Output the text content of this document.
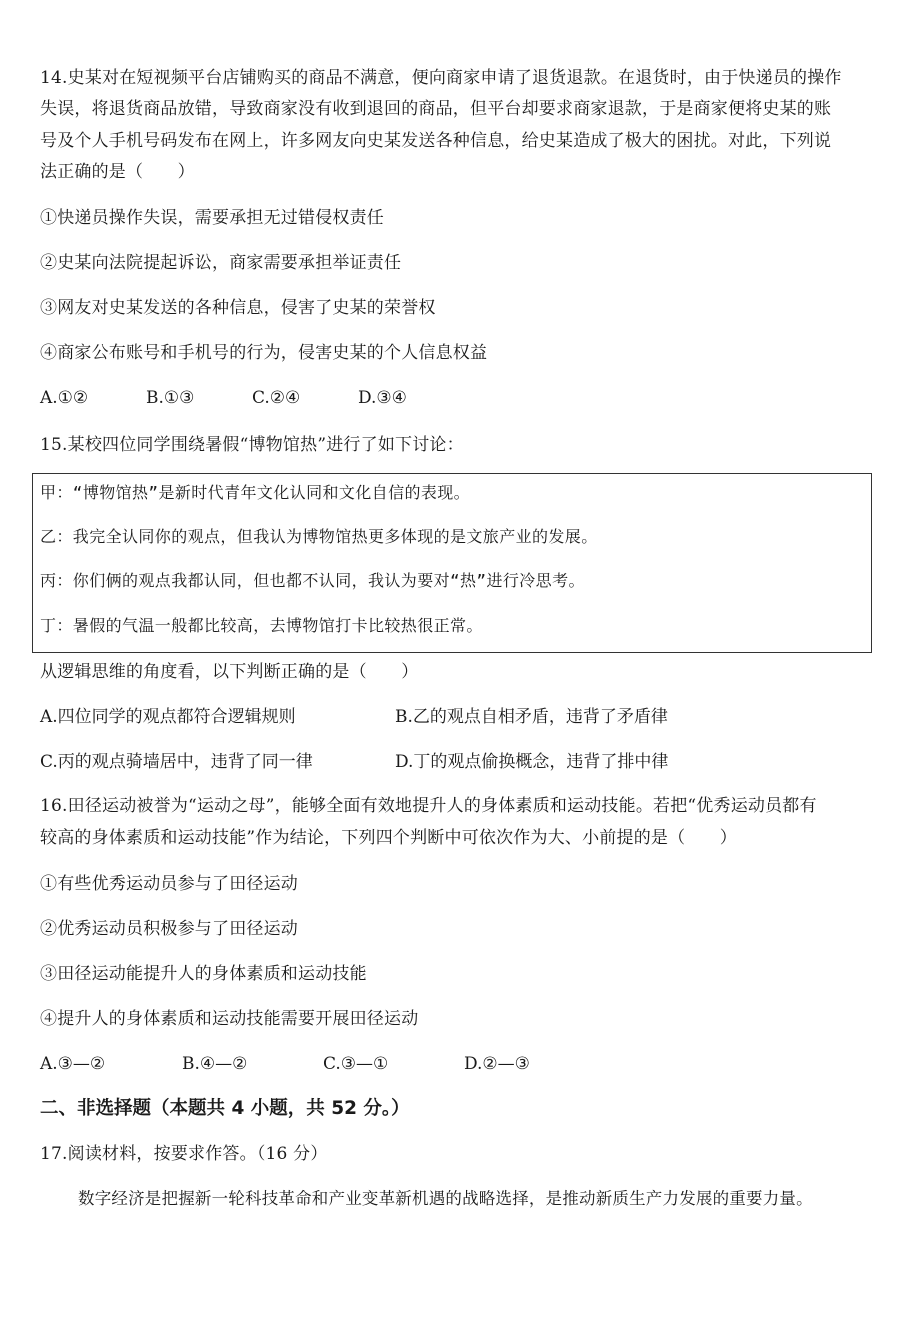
14.史某对在短视频平台店铺购买的商品不满意，便向商家申请了退货退款。在退货时，由于快递员的操作
失误，将退货商品放错，导致商家没有收到退回的商品，但平台却要求商家退款，于是商家便将史某的账
号及个人手机号码发布在网上，许多网友向史某发送各种信息，给史某造成了极大的困扰。对此，下列说
法正确的是（　　）
①快递员操作失误，需要承担无过错侵权责任
②史某向法院提起诉讼，商家需要承担举证责任
③网友对史某发送的各种信息，侵害了史某的荣誉权
④商家公布账号和手机号的行为，侵害史某的个人信息权益
A.①②	B.①③	C.②④	D.③④
15.某校四位同学围绕暑假“博物馆热”进行了如下讨论：
甲：“博物馆热”是新时代青年文化认同和文化自信的表现。
乙：我完全认同你的观点，但我认为博物馆热更多体现的是文旅产业的发展。
丙：你们俩的观点我都认同，但也都不认同，我认为要对“热”进行冷思考。
丁：暑假的气温一般都比较高，去博物馆打卡比较热很正常。
从逻辑思维的角度看，以下判断正确的是（　　）
A.四位同学的观点都符合逻辑规则	B.乙的观点自相矛盾，违背了矛盾律
C.丙的观点骑墙居中，违背了同一律	D.丁的观点偷换概念，违背了排中律
16.田径运动被誉为“运动之母”，能够全面有效地提升人的身体素质和运动技能。若把“优秀运动员都有
较高的身体素质和运动技能”作为结论，下列四个判断中可依次作为大、小前提的是（　　）
①有些优秀运动员参与了田径运动
②优秀运动员积极参与了田径运动
③田径运动能提升人的身体素质和运动技能
④提升人的身体素质和运动技能需要开展田径运动
A.③—②	B.④—②	C.③—①	D.②—③
二、非选择题（本题共 4 小题，共 52 分。）
17.阅读材料，按要求作答。（16 分）
数字经济是把握新一轮科技革命和产业变革新机遇的战略选择，是推动新质生产力发展的重要力量。
